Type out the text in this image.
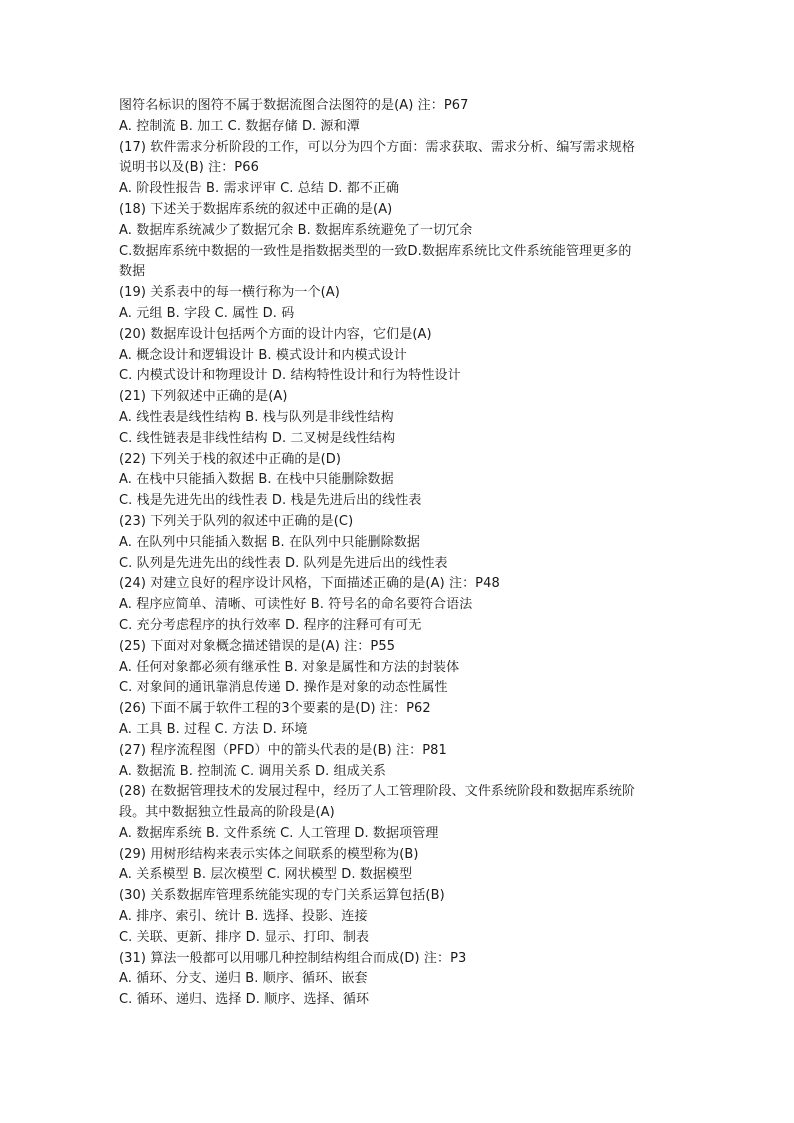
图符名标识的图符不属于数据流图合法图符的是(A) 注：P67
A. 控制流 B. 加工 C. 数据存储 D. 源和潭
(17) 软件需求分析阶段的工作，可以分为四个方面：需求获取、需求分析、编写需求规格
说明书以及(B) 注：P66
A. 阶段性报告 B. 需求评审 C. 总结 D. 都不正确
(18) 下述关于数据库系统的叙述中正确的是(A)
A. 数据库系统减少了数据冗余 B. 数据库系统避免了一切冗余
C.数据库系统中数据的一致性是指数据类型的一致D.数据库系统比文件系统能管理更多的
数据
(19) 关系表中的每一横行称为一个(A)
A. 元组 B. 字段 C. 属性 D. 码
(20) 数据库设计包括两个方面的设计内容，它们是(A)
A. 概念设计和逻辑设计 B. 模式设计和内模式设计
C. 内模式设计和物理设计 D. 结构特性设计和行为特性设计
(21) 下列叙述中正确的是(A)
A. 线性表是线性结构 B. 栈与队列是非线性结构
C. 线性链表是非线性结构 D. 二叉树是线性结构
(22) 下列关于栈的叙述中正确的是(D)
A. 在栈中只能插入数据 B. 在栈中只能删除数据
C. 栈是先进先出的线性表 D. 栈是先进后出的线性表
(23) 下列关于队列的叙述中正确的是(C)
A. 在队列中只能插入数据 B. 在队列中只能删除数据
C. 队列是先进先出的线性表 D. 队列是先进后出的线性表
(24) 对建立良好的程序设计风格，下面描述正确的是(A) 注：P48
A. 程序应简单、清晰、可读性好 B. 符号名的命名要符合语法
C. 充分考虑程序的执行效率 D. 程序的注释可有可无
(25) 下面对对象概念描述错误的是(A) 注：P55
A. 任何对象都必须有继承性 B. 对象是属性和方法的封装体
C. 对象间的通讯靠消息传递 D. 操作是对象的动态性属性
(26) 下面不属于软件工程的3个要素的是(D) 注：P62
A. 工具 B. 过程 C. 方法 D. 环境
(27) 程序流程图（PFD）中的箭头代表的是(B) 注：P81
A. 数据流 B. 控制流 C. 调用关系 D. 组成关系
(28) 在数据管理技术的发展过程中，经历了人工管理阶段、文件系统阶段和数据库系统阶
段。其中数据独立性最高的阶段是(A)
A. 数据库系统 B. 文件系统 C. 人工管理 D. 数据项管理
(29) 用树形结构来表示实体之间联系的模型称为(B)
A. 关系模型 B. 层次模型 C. 网状模型 D. 数据模型
(30) 关系数据库管理系统能实现的专门关系运算包括(B)
A. 排序、索引、统计 B. 选择、投影、连接
C. 关联、更新、排序 D. 显示、打印、制表
(31) 算法一般都可以用哪几种控制结构组合而成(D) 注：P3
A. 循环、分支、递归 B. 顺序、循环、嵌套
C. 循环、递归、选择 D. 顺序、选择、循环
